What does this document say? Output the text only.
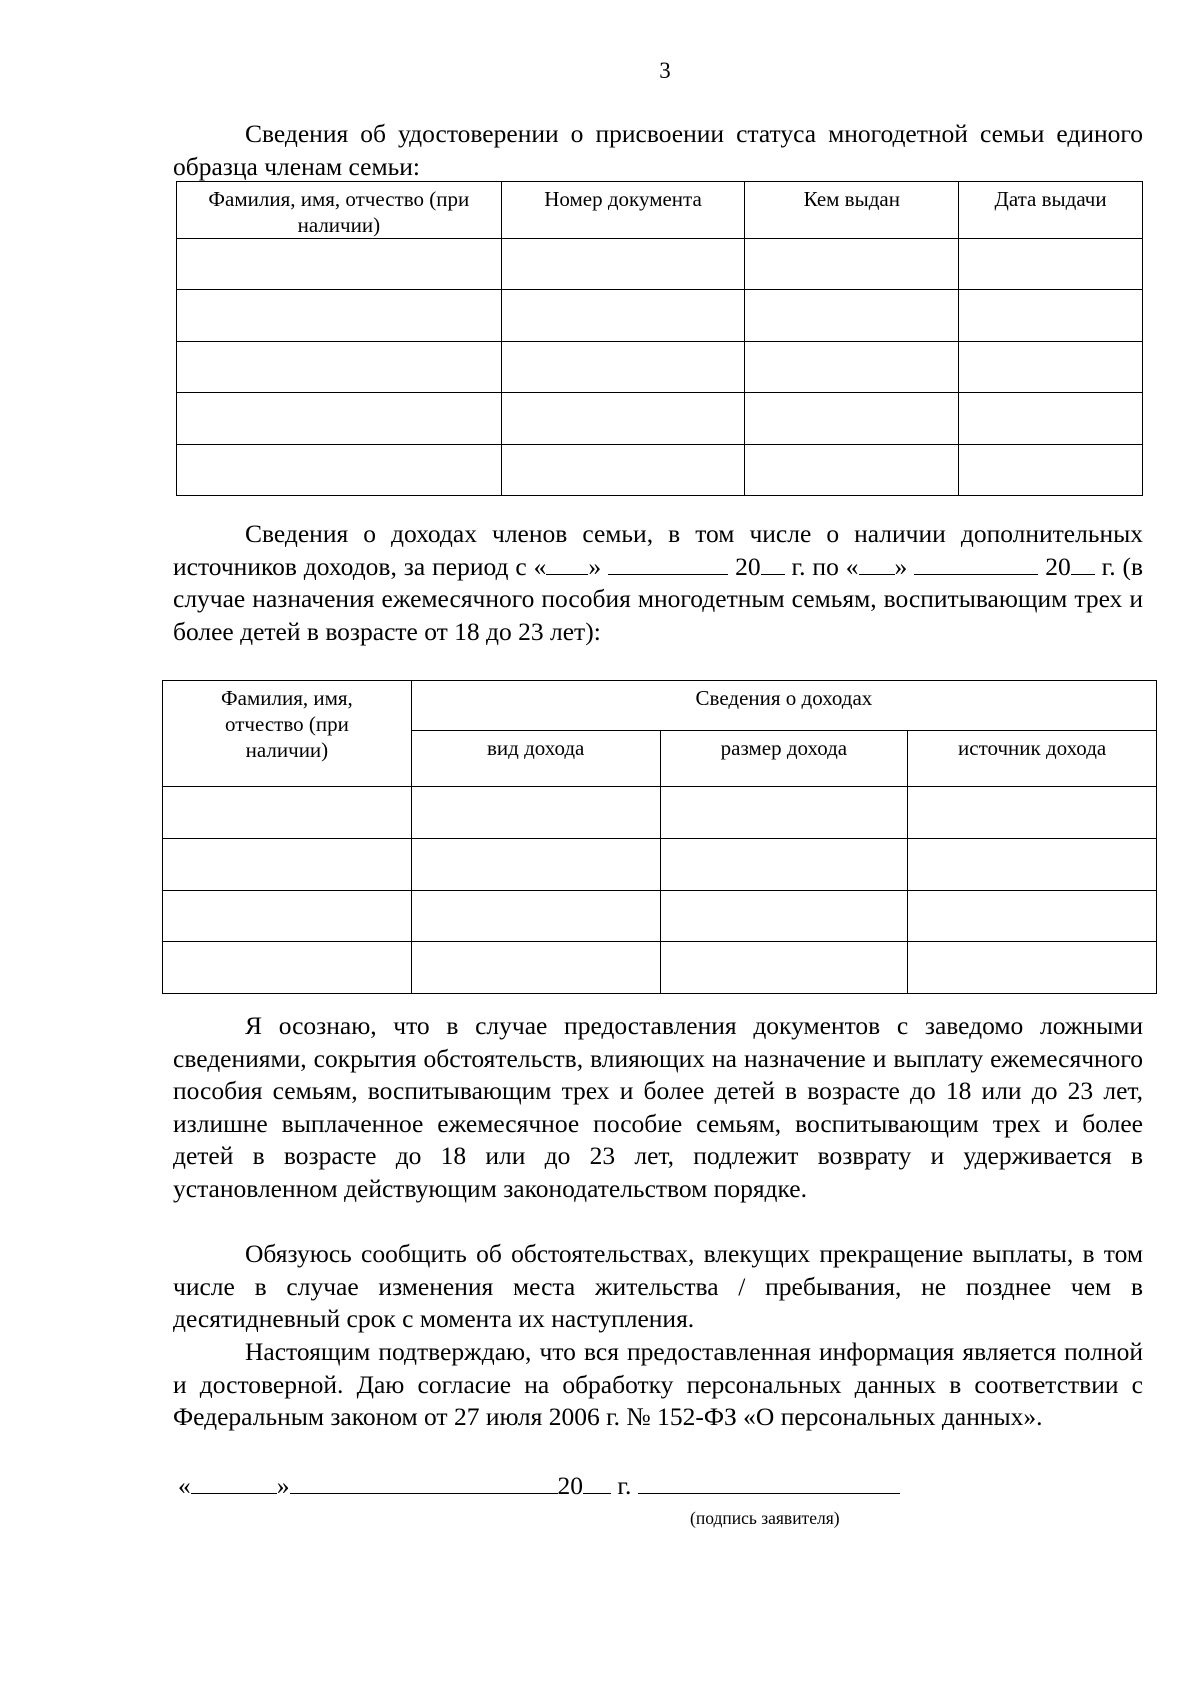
3
Сведения об удостоверении о присвоении статуса многодетной семьи единого образца членам семьи:
Фамилия, имя, отчество (при наличии)	Номер документа	Кем выдан	Дата выдачи

Сведения о доходах членов семьи, в том числе о наличии дополнительных источников доходов, за период с « »	20 г. по « »	20 г. (в случае назначения ежемесячного пособия многодетным семьям, воспитывающим трех и более детей в возрасте от 18 до 23 лет):
Фамилия, имя, отчество (при наличии)	Сведения о доходах		
	вид дохода	размер дохода	источник дохода

Я осознаю, что в случае предоставления документов с заведомо ложными сведениями, сокрытия обстоятельств, влияющих на назначение и выплату ежемесячного пособия семьям, воспитывающим трех и более детей в возрасте до 18 или до 23 лет, излишне выплаченное ежемесячное пособие семьям, воспитывающим трех и более детей в возрасте до 18 или до 23 лет, подлежит возврату и удерживается в установленном действующим законодательством порядке.
Обязуюсь сообщить об обстоятельствах, влекущих прекращение выплаты, в том числе в случае изменения места жительства / пребывания, не позднее чем в десятидневный срок с момента их наступления.
Настоящим подтверждаю, что вся предоставленная информация является полной и достоверной. Даю согласие на обработку персональных данных в соответствии с Федеральным законом от 27 июля 2006 г. № 152-ФЗ «О персональных данных».
«	»	20 г.
(подпись заявителя)
